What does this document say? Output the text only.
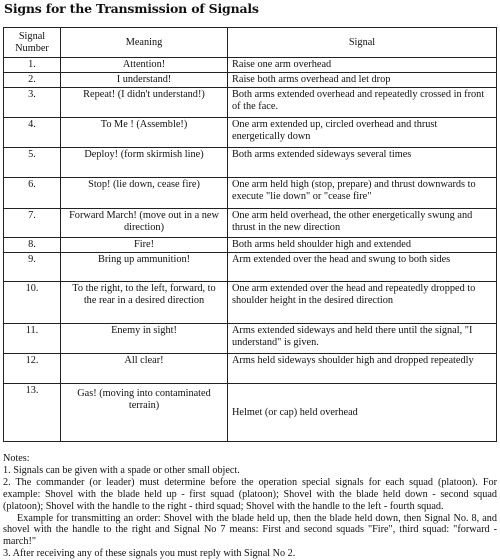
Signs for the Transmission of Signals
Signal Number	Meaning	Signal
1.	Attention!	Raise one arm overhead
2.	I understand!	Raise both arms overhead and let drop
3.	Repeat! (I didn't understand!)	Both arms extended overhead and repeatedly crossed in front of the face.
4.	To Me ! (Assemble!)	One arm extended up, circled overhead and thrust energetically down
5.	Deploy! (form skirmish line)	Both arms extended sideways several times
6.	Stop! (lie down, cease fire)	One arm held high (stop, prepare) and thrust downwards to execute "lie down" or "cease fire"
7.	Forward March! (move out in a new direction)	One arm held overhead, the other energetically swung and thrust in the new direction
8.	Fire!	Both arms held shoulder high and extended
9.	Bring up ammunition!	Arm extended over the head and swung to both sides
10.	To the right, to the left, forward, to the rear in a desired direction	One arm extended over the head and repeatedly dropped to shoulder height in the desired direction
11.	Enemy in sight!	Arms extended sideways and held there until the signal, "I understand" is given.
12.	All clear!	Arms held sideways shoulder high and dropped repeatedly
13.	Gas! (moving into contaminated terrain)	Helmet (or cap) held overhead

Notes:

1. Signals can be given with a spade or other small object.

2. The commander (or leader) must determine before the operation special signals for each squad (platoon). For example: Shovel with the blade held up - first squad (platoon); Shovel with the blade held down - second squad (platoon); Shovel with the handle to the right - third squad; Shovel with the handle to the left - fourth squad.

Example for transmitting an order: Shovel with the blade held up, then the blade held down, then Signal No. 8, and shovel with the handle to the right and Signal No 7 means: First and second squads "Fire", third squad: "forward - march!"

3. After receiving any of these signals you must reply with Signal No 2.
